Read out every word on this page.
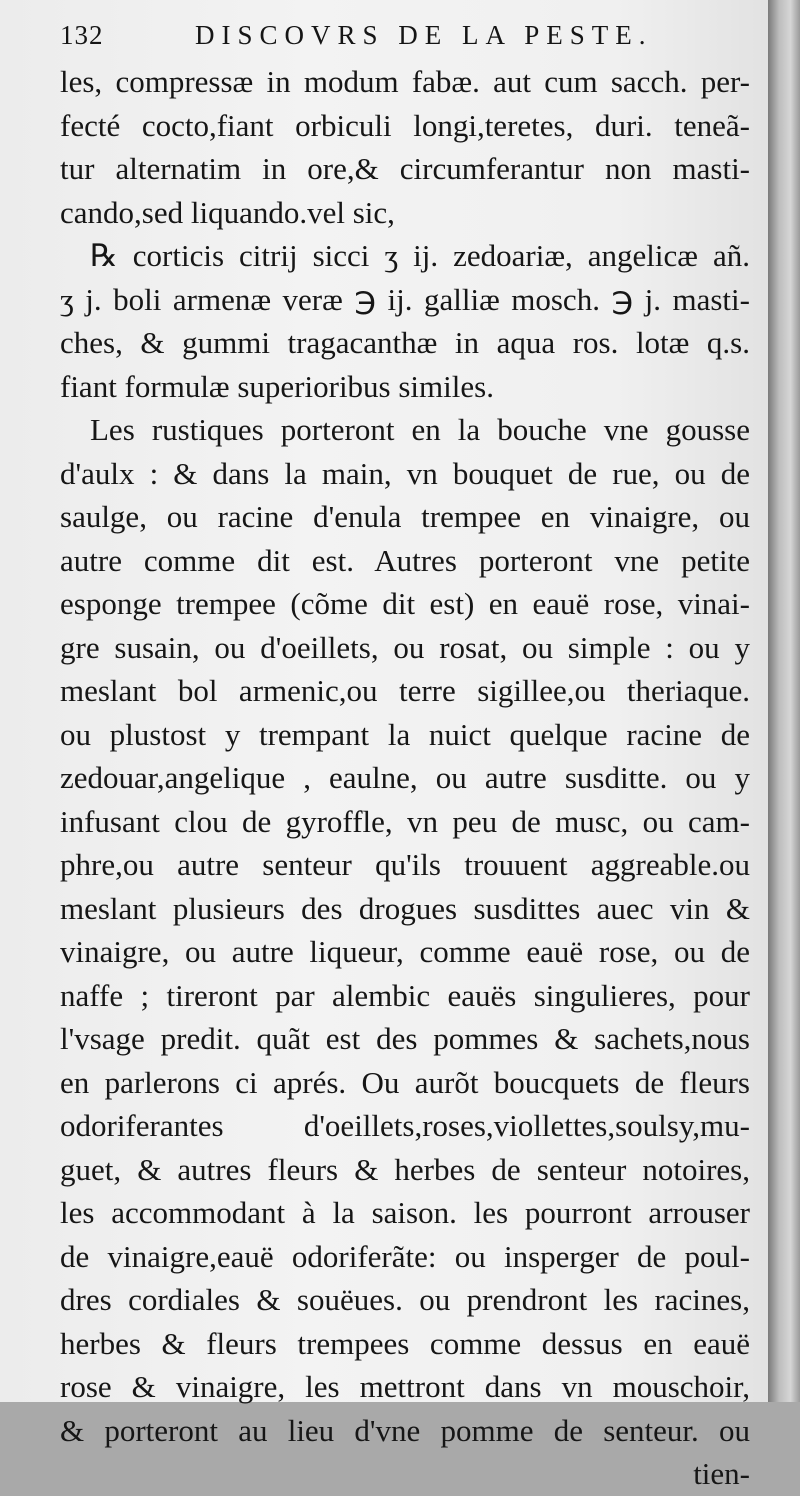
132	DISCOVRS DE LA PESTE.
les, compressæ in modum fabæ. aut cum sacch. per-
fecté cocto,fiant orbiculi longi,teretes, duri. teneã-
tur alternatim in ore,& circumferantur non masti-
cando,sed liquando.vel sic,
℞ corticis citrij sicci ʒ ij. zedoariæ, angelicæ añ.
ʒ j. boli armenæ veræ ℈ ij. galliæ mosch. ℈ j. masti-
ches, & gummi tragacanthæ in aqua ros. lotæ q.s.
fiant formulæ superioribus similes.
Les rustiques porteront en la bouche vne gousse
d'aulx : & dans la main, vn bouquet de rue, ou de
saulge, ou racine d'enula trempee en vinaigre, ou
autre comme dit est. Autres porteront vne petite
esponge trempee (cõme dit est) en eauë rose, vinai-
gre susain, ou d'oeillets, ou rosat, ou simple : ou y
meslant bol armenic,ou terre sigillee,ou theriaque.
ou plustost y trempant la nuict quelque racine de
zedouar,angelique , eaulne, ou autre susditte. ou y
infusant clou de gyroffle, vn peu de musc, ou cam-
phre,ou autre senteur qu'ils trouuent aggreable.ou
meslant plusieurs des drogues susdittes auec vin &
vinaigre, ou autre liqueur, comme eauë rose, ou de
naffe ; tireront par alembic eauës singulieres, pour
l'vsage predit. quãt est des pommes & sachets,nous
en parlerons ci aprés. Ou aurõt boucquets de fleurs
odoriferantes d'oeillets,roses,viollettes,soulsy,mu-
guet, & autres fleurs & herbes de senteur notoires,
les accommodant à la saison. les pourront arrouser
de vinaigre,eauë odoriferãte: ou insperger de poul-
dres cordiales & souëues. ou prendront les racines,
herbes & fleurs trempees comme dessus en eauë
rose & vinaigre, les mettront dans vn mouschoir,
& porteront au lieu d'vne pomme de senteur. ou
tien-
